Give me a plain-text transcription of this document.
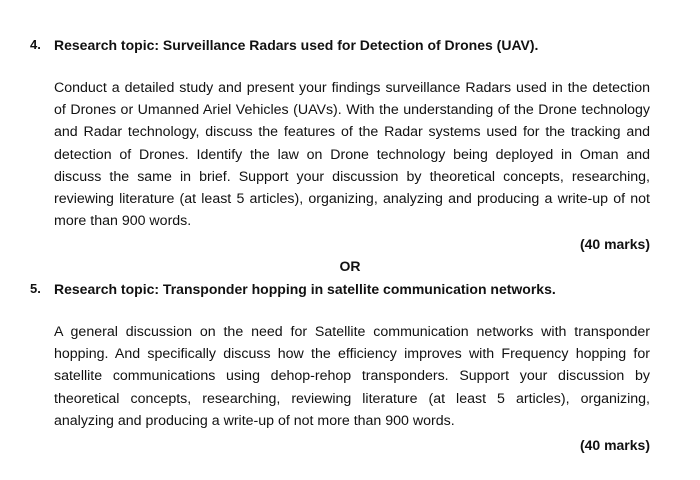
4. Research topic: Surveillance Radars used for Detection of Drones (UAV).

Conduct a detailed study and present your findings surveillance Radars used in the detection of Drones or Umanned Ariel Vehicles (UAVs). With the understanding of the Drone technology and Radar technology, discuss the features of the Radar systems used for the tracking and detection of Drones. Identify the law on Drone technology being deployed in Oman and discuss the same in brief. Support your discussion by theoretical concepts, researching, reviewing literature (at least 5 articles), organizing, analyzing and producing a write-up of not more than 900 words.

(40 marks)
OR
5. Research topic: Transponder hopping in satellite communication networks.

A general discussion on the need for Satellite communication networks with transponder hopping. And specifically discuss how the efficiency improves with Frequency hopping for satellite communications using dehop-rehop transponders. Support your discussion by theoretical concepts, researching, reviewing literature (at least 5 articles), organizing, analyzing and producing a write-up of not more than 900 words.

(40 marks)
